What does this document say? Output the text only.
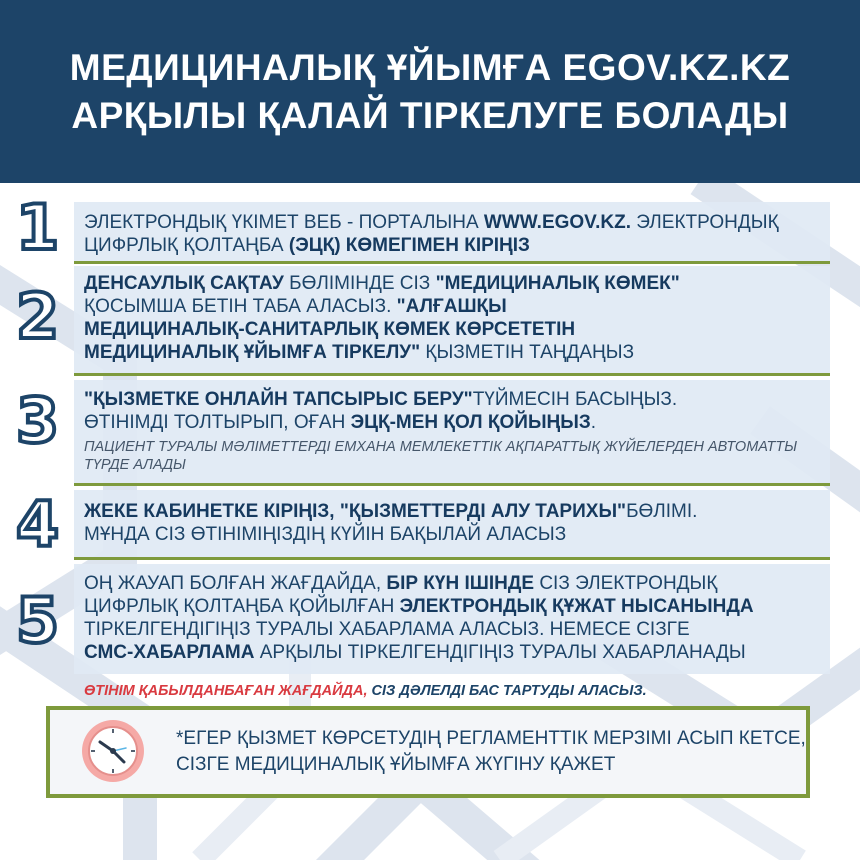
МЕДИЦИНАЛЫҚ ҰЙЫМҒА EGOV.KZ.KZ
АРҚЫЛЫ ҚАЛАЙ ТІРКЕЛУГЕ БОЛАДЫ
1 ЭЛЕКТРОНДЫҚ ҮКІМЕТ ВЕБ - ПОРТАЛЫНА WWW.EGOV.KZ. ЭЛЕКТРОНДЫҚ

ЦИФРЛЫҚ ҚОЛТАҢБА (ЭЦҚ) КӨМЕГІМЕН КІРІҢІЗ

2 ДЕНСАУЛЫҚ САҚТАУ БӨЛІМІНДЕ СІЗ "МЕДИЦИНАЛЫҚ КӨМЕК"

ҚОСЫМША БЕТІН ТАБА АЛАСЫЗ. "АЛҒАШҚЫ

МЕДИЦИНАЛЫҚ-САНИТАРЛЫҚ КӨМЕК КӨРСЕТЕТІН

МЕДИЦИНАЛЫҚ ҰЙЫМҒА ТІРКЕЛУ" ҚЫЗМЕТІН ТАҢДАҢЫЗ

3 "ҚЫЗМЕТКЕ ОНЛАЙН ТАПСЫРЫС БЕРУ"ТҮЙМЕСІН БАСЫҢЫЗ.

ӨТІНІМДІ ТОЛТЫРЫП, ОҒАН ЭЦҚ-МЕН ҚОЛ ҚОЙЫҢЫЗ.

ПАЦИЕНТ ТУРАЛЫ МӘЛІМЕТТЕРДІ ЕМХАНА МЕМЛЕКЕТТІК АҚПАРАТТЫҚ ЖҮЙЕЛЕРДЕН АВТОМАТТЫ ТҮРДЕ АЛАДЫ

4 ЖЕКЕ КАБИНЕТКЕ КІРІҢІЗ, "ҚЫЗМЕТТЕРДІ АЛУ ТАРИХЫ"БӨЛІМІ.

МҰНДА СІЗ ӨТІНІМІҢІЗДІҢ КҮЙІН БАҚЫЛАЙ АЛАСЫЗ

5

ОҢ ЖАУАП БОЛҒАН ЖАҒДАЙДА, БІР КҮН ІШІНДЕ СІЗ ЭЛЕКТРОНДЫҚ

ЦИФРЛЫҚ ҚОЛТАҢБА ҚОЙЫЛҒАН ЭЛЕКТРОНДЫҚ ҚҰЖАТ НЫСАНЫНДА

ТІРКЕЛГЕНДІГІҢІЗ ТУРАЛЫ ХАБАРЛАМА АЛАСЫЗ. НЕМЕСЕ СІЗГЕ

СМС-ХАБАРЛАМА АРҚЫЛЫ ТІРКЕЛГЕНДІГІҢІЗ ТУРАЛЫ ХАБАРЛАНАДЫ

ӨТІНІМ ҚАБЫЛДАНБАҒАН ЖАҒДАЙДА, СІЗ ДӘЛЕЛДІ БАС ТАРТУДЫ АЛАСЫЗ.
*ЕГЕР ҚЫЗМЕТ КӨРСЕТУДІҢ РЕГЛАМЕНТТІК МЕРЗІМІ АСЫП КЕТСЕ,
СІЗГЕ МЕДИЦИНАЛЫҚ ҰЙЫМҒА ЖҮГІНУ ҚАЖЕТ
